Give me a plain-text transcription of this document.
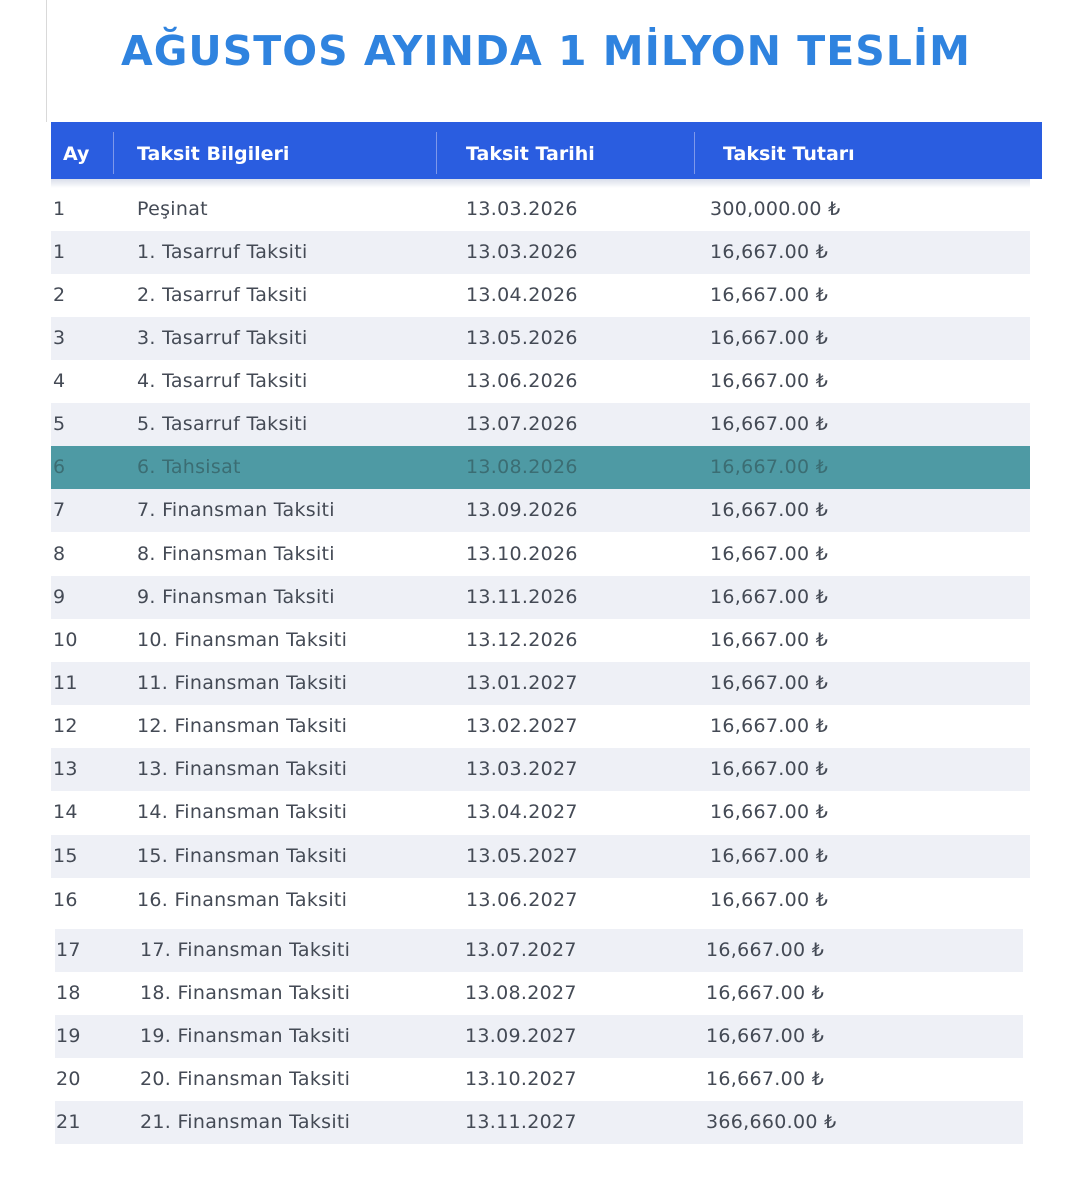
AĞUSTOS AYINDA 1 MİLYON TESLİM
Ay	Taksit Bilgileri	Taksit Tarihi	Taksit Tutarı
1	Peşinat	13.03.2026	300,000.00 ₺
1	1. Tasarruf Taksiti	13.03.2026	16,667.00 ₺
2	2. Tasarruf Taksiti	13.04.2026	16,667.00 ₺
3	3. Tasarruf Taksiti	13.05.2026	16,667.00 ₺
4	4. Tasarruf Taksiti	13.06.2026	16,667.00 ₺
5	5. Tasarruf Taksiti	13.07.2026	16,667.00 ₺
6	6. Tahsisat	13.08.2026	16,667.00 ₺
7	7. Finansman Taksiti	13.09.2026	16,667.00 ₺
8	8. Finansman Taksiti	13.10.2026	16,667.00 ₺
9	9. Finansman Taksiti	13.11.2026	16,667.00 ₺
10	10. Finansman Taksiti	13.12.2026	16,667.00 ₺
11	11. Finansman Taksiti	13.01.2027	16,667.00 ₺
12	12. Finansman Taksiti	13.02.2027	16,667.00 ₺
13	13. Finansman Taksiti	13.03.2027	16,667.00 ₺
14	14. Finansman Taksiti	13.04.2027	16,667.00 ₺
15	15. Finansman Taksiti	13.05.2027	16,667.00 ₺
16	16. Finansman Taksiti	13.06.2027	16,667.00 ₺
17	17. Finansman Taksiti	13.07.2027	16,667.00 ₺
18	18. Finansman Taksiti	13.08.2027	16,667.00 ₺
19	19. Finansman Taksiti	13.09.2027	16,667.00 ₺
20	20. Finansman Taksiti	13.10.2027	16,667.00 ₺
21	21. Finansman Taksiti	13.11.2027	366,660.00 ₺
